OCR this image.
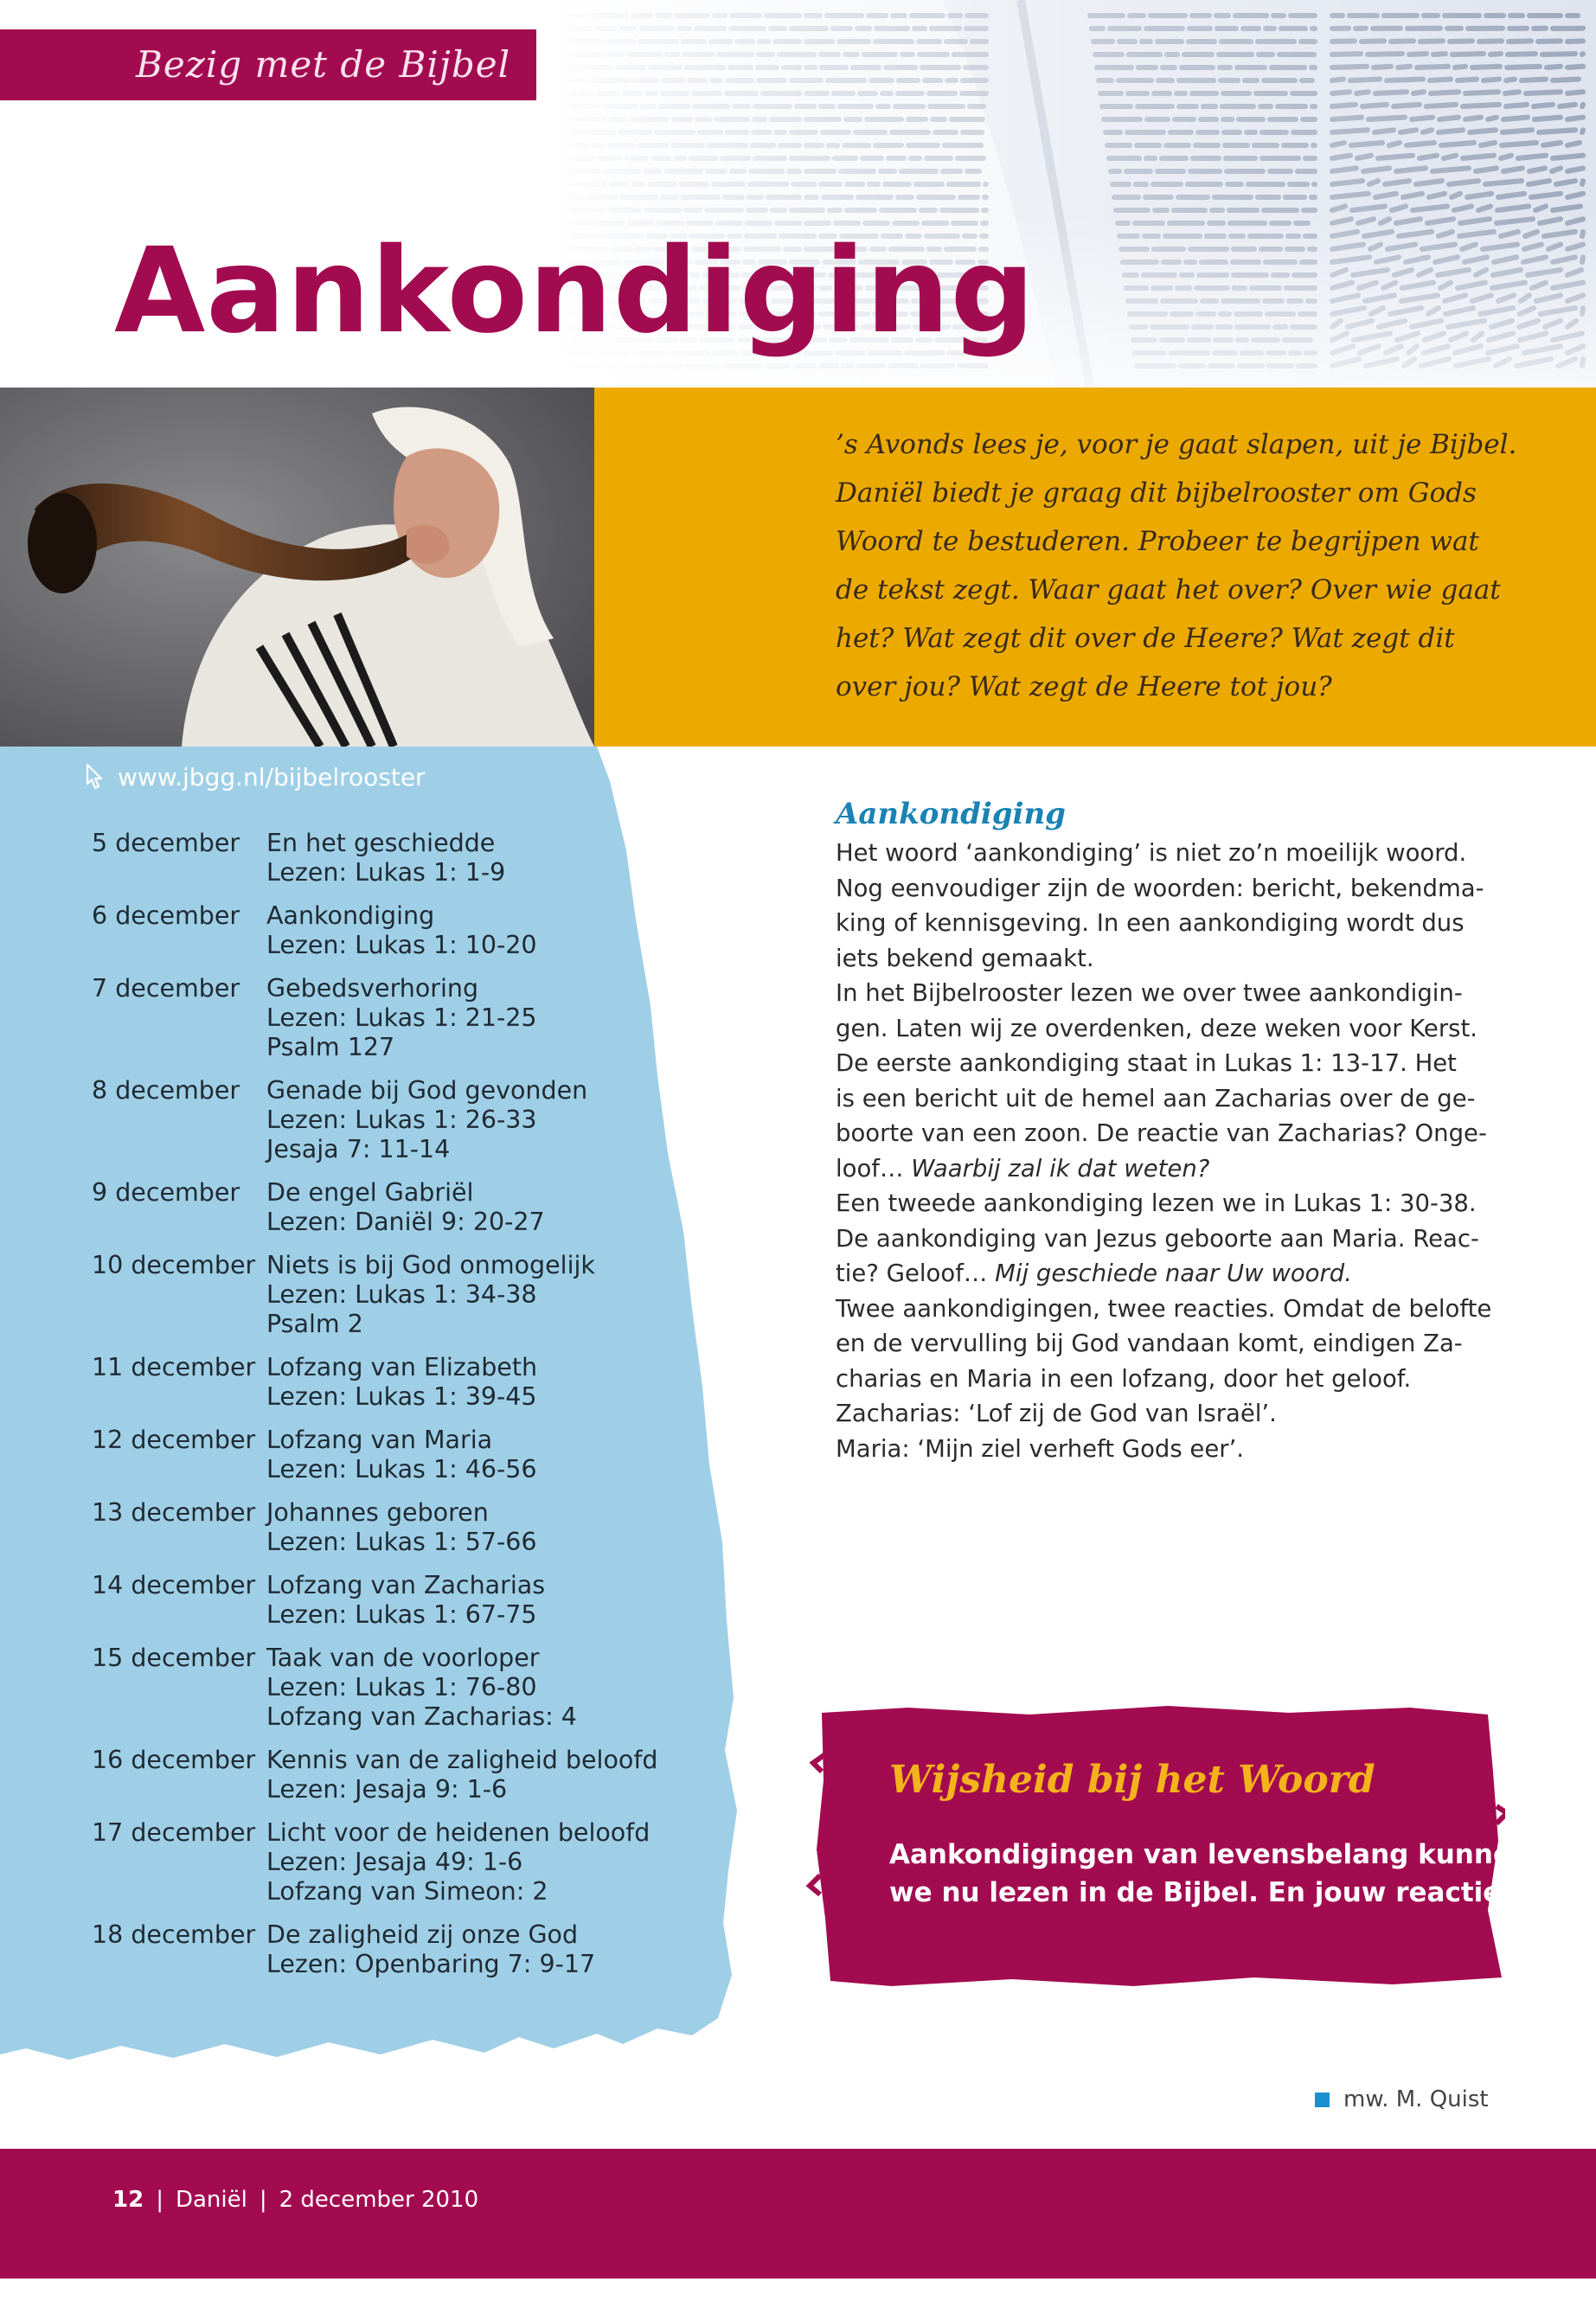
Bezig met de Bijbel
Aankondiging
’s Avonds lees je, voor je gaat slapen, uit je Bijbel.
Daniël biedt je graag dit bijbelrooster om Gods
Woord te bestuderen. Probeer te begrijpen wat
de tekst zegt. Waar gaat het over? Over wie gaat
het? Wat zegt dit over de Heere? Wat zegt dit
over jou? Wat zegt de Heere tot jou?
www.jbgg.nl/bijbelrooster
5 december	En het geschiedde
Lezen: Lukas 1: 1-9
6 december	Aankondiging
Lezen: Lukas 1: 10-20
7 december	Gebedsverhoring
Lezen: Lukas 1: 21-25
Psalm 127
8 december	Genade bij God gevonden
Lezen: Lukas 1: 26-33
Jesaja 7: 11-14
9 december	De engel Gabriël
Lezen: Daniël 9: 20-27
10 december Niets is bij God onmogelijk
Lezen: Lukas 1: 34-38
Psalm 2
11 december Lofzang van Elizabeth
Lezen: Lukas 1: 39-45
12 december Lofzang van Maria
Lezen: Lukas 1: 46-56
13 december Johannes geboren
Lezen: Lukas 1: 57-66
14 december Lofzang van Zacharias
Lezen: Lukas 1: 67-75
15 december Taak van de voorloper
Lezen: Lukas 1: 76-80
Lofzang van Zacharias: 4
16 december Kennis van de zaligheid beloofd
Lezen: Jesaja 9: 1-6
17 december Licht voor de heidenen beloofd
Lezen: Jesaja 49: 1-6
Lofzang van Simeon: 2
18 december De zaligheid zij onze God
Lezen: Openbaring 7: 9-17
Aankondiging
Het woord ‘aankondiging’ is niet zo’n moeilijk woord.
Nog eenvoudiger zijn de woorden: bericht, bekendma-
king of kennisgeving. In een aankondiging wordt dus
iets bekend gemaakt.
In het Bijbelrooster lezen we over twee aankondigin-
gen. Laten wij ze overdenken, deze weken voor Kerst.
De eerste aankondiging staat in Lukas 1: 13-17. Het
is een bericht uit de hemel aan Zacharias over de ge-
boorte van een zoon. De reactie van Zacharias? Onge-
loof… Waarbij zal ik dat weten?
Een tweede aankondiging lezen we in Lukas 1: 30-38.
De aankondiging van Jezus geboorte aan Maria. Reac-
tie? Geloof… Mij geschiede naar Uw woord.
Twee aankondigingen, twee reacties. Omdat de belofte
en de vervulling bij God vandaan komt, eindigen Za-
charias en Maria in een lofzang, door het geloof.
Zacharias: ‘Lof zij de God van Israël’.
Maria: ‘Mijn ziel verheft Gods eer’.
Wijsheid bij het Woord
Aankondigingen van levensbelang kunnen
we nu lezen in de Bijbel. En jouw reactie?
mw. M. Quist
12 | Daniël | 2 december 2010
